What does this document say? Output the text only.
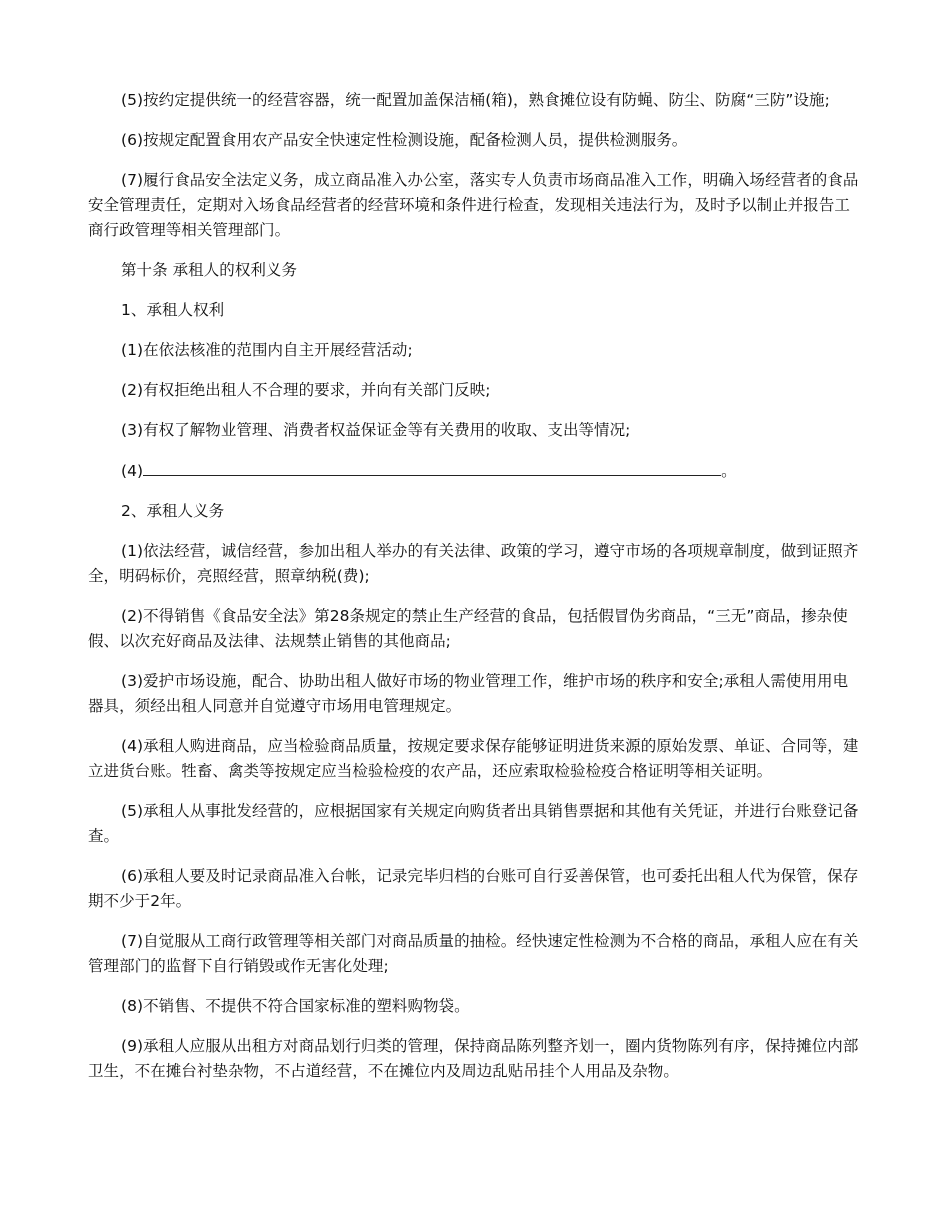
(5)按约定提供统一的经营容器，统一配置加盖保洁桶(箱)，熟食摊位设有防蝇、防尘、防腐“三防”设施;

(6)按规定配置食用农产品安全快速定性检测设施，配备检测人员，提供检测服务。

(7)履行食品安全法定义务，成立商品准入办公室，落实专人负责市场商品准入工作，明确入场经营者的食品安全管理责任，定期对入场食品经营者的经营环境和条件进行检查，发现相关违法行为，及时予以制止并报告工商行政管理等相关管理部门。

第十条 承租人的权利义务

1、承租人权利

(1)在依法核准的范围内自主开展经营活动;

(2)有权拒绝出租人不合理的要求，并向有关部门反映;

(3)有权了解物业管理、消费者权益保证金等有关费用的收取、支出等情况;

(4)	。

2、承租人义务

(1)依法经营，诚信经营，参加出租人举办的有关法律、政策的学习，遵守市场的各项规章制度，做到证照齐全，明码标价，亮照经营，照章纳税(费);

(2)不得销售《食品安全法》第28条规定的禁止生产经营的食品，包括假冒伪劣商品，“三无”商品，掺杂使假、以次充好商品及法律、法规禁止销售的其他商品;

(3)爱护市场设施，配合、协助出租人做好市场的物业管理工作，维护市场的秩序和安全;承租人需使用用电器具，须经出租人同意并自觉遵守市场用电管理规定。

(4)承租人购进商品，应当检验商品质量，按规定要求保存能够证明进货来源的原始发票、单证、合同等，建立进货台账。牲畜、禽类等按规定应当检验检疫的农产品，还应索取检验检疫合格证明等相关证明。

(5)承租人从事批发经营的，应根据国家有关规定向购货者出具销售票据和其他有关凭证，并进行台账登记备查。

(6)承租人要及时记录商品准入台帐，记录完毕归档的台账可自行妥善保管，也可委托出租人代为保管，保存期不少于2年。

(7)自觉服从工商行政管理等相关部门对商品质量的抽检。经快速定性检测为不合格的商品，承租人应在有关管理部门的监督下自行销毁或作无害化处理;

(8)不销售、不提供不符合国家标准的塑料购物袋。

(9)承租人应服从出租方对商品划行归类的管理，保持商品陈列整齐划一，圈内货物陈列有序，保持摊位内部卫生，不在摊台衬垫杂物，不占道经营，不在摊位内及周边乱贴吊挂个人用品及杂物。
